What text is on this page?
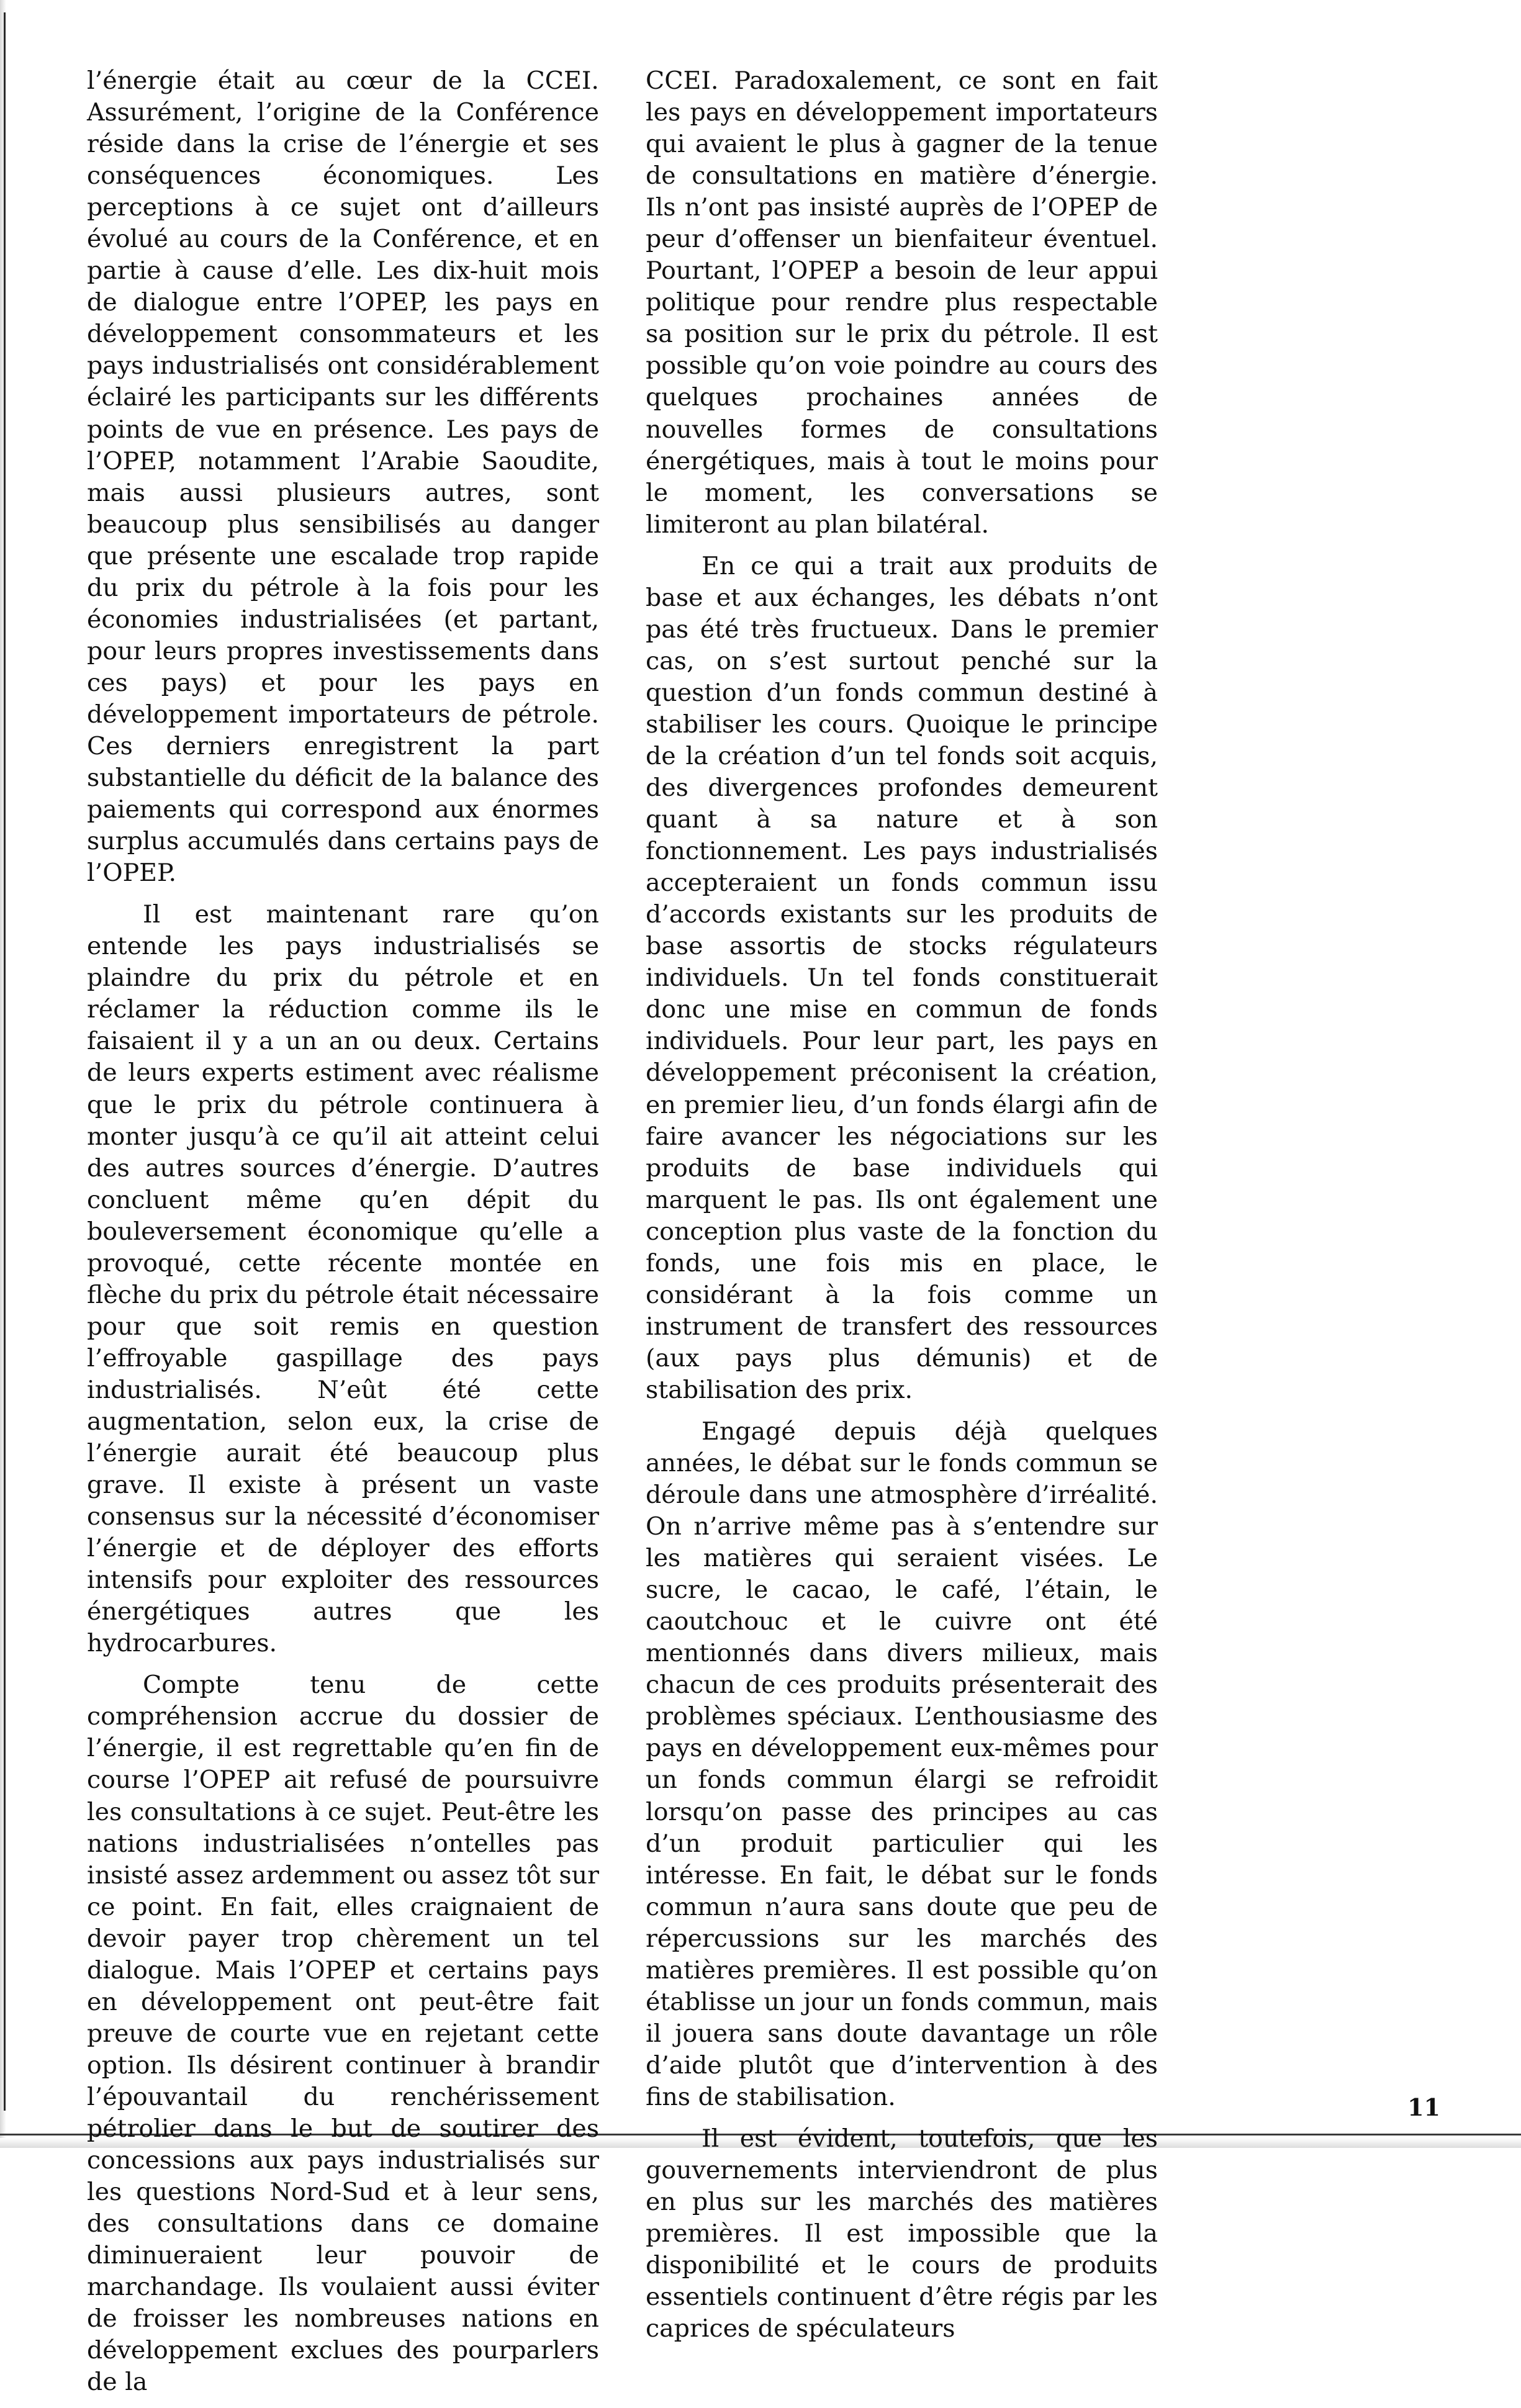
l’énergie était au cœur de la CCEI. Assurément, l’origine de la Conférence réside dans la crise de l’énergie et ses conséquences économiques. Les perceptions à ce sujet ont d’ailleurs évolué au cours de la Conférence, et en partie à cause d’elle. Les dix-huit mois de dialogue entre l’OPEP, les pays en développement consommateurs et les pays industrialisés ont considérablement éclairé les participants sur les différents points de vue en présence. Les pays de l’OPEP, notamment l’Arabie Saoudite, mais aussi plusieurs autres, sont beaucoup plus sensibilisés au danger que présente une escalade trop rapide du prix du pétrole à la fois pour les économies industrialisées (et partant, pour leurs propres investissements dans ces pays) et pour les pays en développement importateurs de pétrole. Ces derniers enregistrent la part substantielle du déficit de la balance des paiements qui correspond aux énormes surplus accumulés dans certains pays de l’OPEP.

Il est maintenant rare qu’on entende les pays industrialisés se plaindre du prix du pétrole et en réclamer la réduction comme ils le faisaient il y a un an ou deux. Certains de leurs experts estiment avec réalisme que le prix du pétrole continuera à monter jusqu’à ce qu’il ait atteint celui des autres sources d’énergie. D’autres concluent même qu’en dépit du bouleversement économique qu’elle a provoqué, cette récente montée en flèche du prix du pétrole était nécessaire pour que soit remis en question l’effroyable gaspillage des pays industrialisés. N’eût été cette augmentation, selon eux, la crise de l’énergie aurait été beaucoup plus grave. Il existe à présent un vaste consensus sur la nécessité d’économiser l’énergie et de déployer des efforts intensifs pour exploiter des ressources énergétiques autres que les hydrocarbures.

Compte tenu de cette compréhension accrue du dossier de l’énergie, il est regrettable qu’en fin de course l’OPEP ait refusé de poursuivre les consultations à ce sujet. Peut-être les nations industrialisées n’ontelles pas insisté assez ardemment ou assez tôt sur ce point. En fait, elles craignaient de devoir payer trop chèrement un tel dialogue. Mais l’OPEP et certains pays en développement ont peut-être fait preuve de courte vue en rejetant cette option. Ils désirent continuer à brandir l’épouvantail du renchérissement pétrolier dans le but de soutirer des concessions aux pays industrialisés sur les questions Nord-Sud et à leur sens, des consultations dans ce domaine diminueraient leur pouvoir de marchandage. Ils voulaient aussi éviter de froisser les nombreuses nations en développement exclues des pourparlers de la

CCEI. Paradoxalement, ce sont en fait les pays en développement importateurs qui avaient le plus à gagner de la tenue de consultations en matière d’énergie. Ils n’ont pas insisté auprès de l’OPEP de peur d’offenser un bienfaiteur éventuel. Pourtant, l’OPEP a besoin de leur appui politique pour rendre plus respectable sa position sur le prix du pétrole. Il est possible qu’on voie poindre au cours des quelques prochaines années de nouvelles formes de consultations énergétiques, mais à tout le moins pour le moment, les conversations se limiteront au plan bilatéral.

En ce qui a trait aux produits de base et aux échanges, les débats n’ont pas été très fructueux. Dans le premier cas, on s’est surtout penché sur la question d’un fonds commun destiné à stabiliser les cours. Quoique le principe de la création d’un tel fonds soit acquis, des divergences profondes demeurent quant à sa nature et à son fonctionnement. Les pays industrialisés accepteraient un fonds commun issu d’accords existants sur les produits de base assortis de stocks régulateurs individuels. Un tel fonds constituerait donc une mise en commun de fonds individuels. Pour leur part, les pays en développement préconisent la création, en premier lieu, d’un fonds élargi afin de faire avancer les négociations sur les produits de base individuels qui marquent le pas. Ils ont également une conception plus vaste de la fonction du fonds, une fois mis en place, le considérant à la fois comme un instrument de transfert des ressources (aux pays plus démunis) et de stabilisation des prix.

Engagé depuis déjà quelques années, le débat sur le fonds commun se déroule dans une atmosphère d’irréalité. On n’arrive même pas à s’entendre sur les matières qui seraient visées. Le sucre, le cacao, le café, l’étain, le caoutchouc et le cuivre ont été mentionnés dans divers milieux, mais chacun de ces produits présenterait des problèmes spéciaux. L’enthousiasme des pays en développement eux-mêmes pour un fonds commun élargi se refroidit lorsqu’on passe des principes au cas d’un produit particulier qui les intéresse. En fait, le débat sur le fonds commun n’aura sans doute que peu de répercussions sur les marchés des matières premières. Il est possible qu’on établisse un jour un fonds commun, mais il jouera sans doute davantage un rôle d’aide plutôt que d’intervention à des fins de stabilisation.

Il est évident, toutefois, que les gouvernements interviendront de plus en plus sur les marchés des matières premières. Il est impossible que la disponibilité et le cours de produits essentiels continuent d’être régis par les caprices de spéculateurs

11
